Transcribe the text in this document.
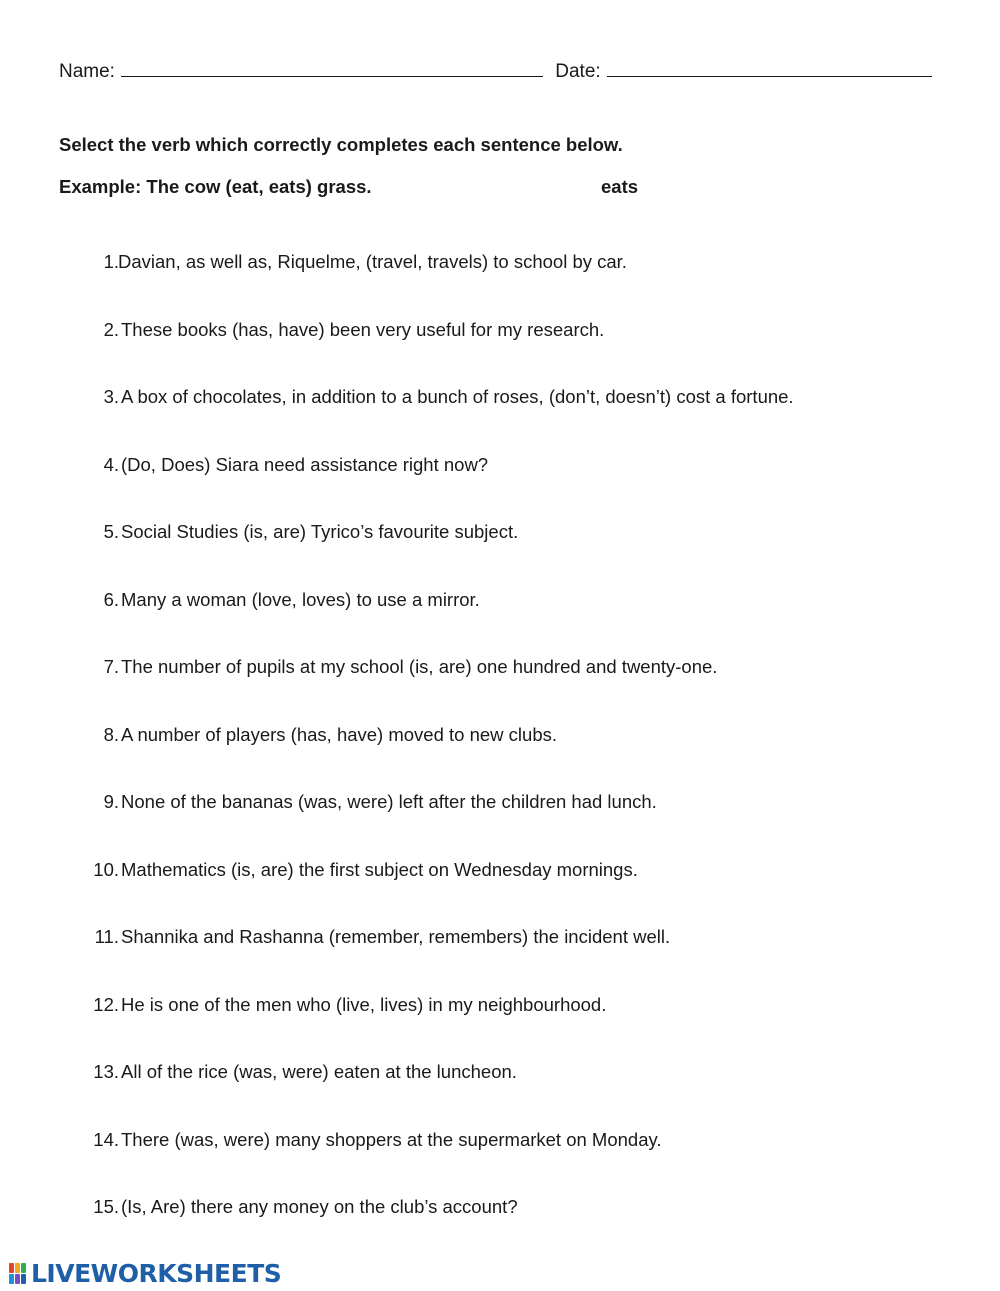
Name:	Date:
Select the verb which correctly completes each sentence below.
Example: The cow (eat, eats) grass.	eats
1. Davian, as well as, Riquelme, (travel, travels) to school by car.
2. These books (has, have) been very useful for my research.
3. A box of chocolates, in addition to a bunch of roses, (don’t, doesn’t) cost a fortune.
4. (Do, Does) Siara need assistance right now?
5. Social Studies (is, are) Tyrico’s favourite subject.
6. Many a woman (love, loves) to use a mirror.
7. The number of pupils at my school (is, are) one hundred and twenty-one.
8. A number of players (has, have) moved to new clubs.
9. None of the bananas (was, were) left after the children had lunch.
10. Mathematics (is, are) the first subject on Wednesday mornings.
11. Shannika and Rashanna (remember, remembers) the incident well.
12. He is one of the men who (live, lives) in my neighbourhood.
13. All of the rice (was, were) eaten at the luncheon.
14. There (was, were) many shoppers at the supermarket on Monday.
15. (Is, Are) there any money on the club’s account?
LIVEWORKSHEETS
